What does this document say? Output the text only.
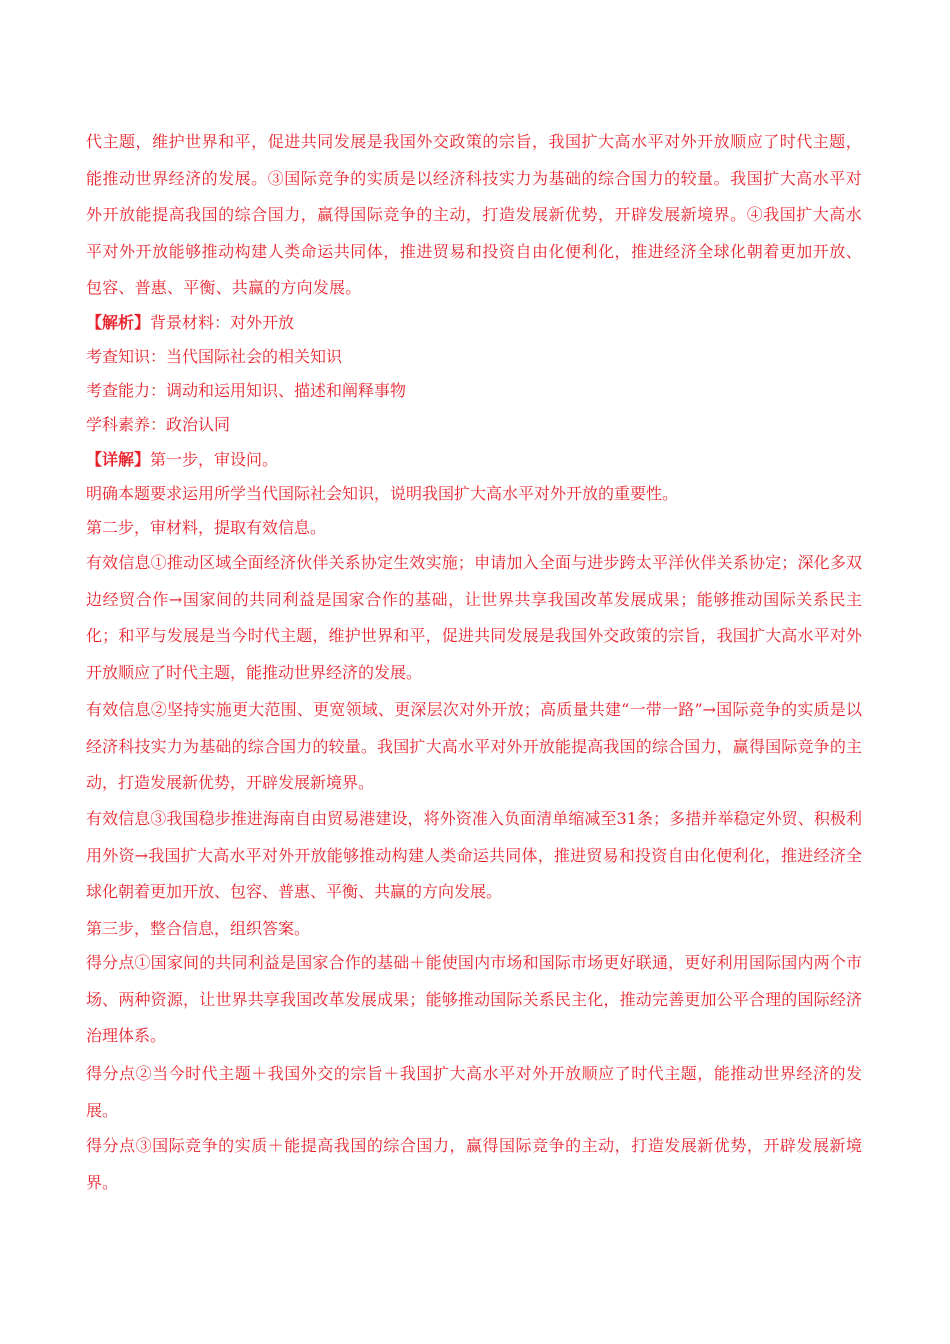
代主题，维护世界和平，促进共同发展是我国外交政策的宗旨，我国扩大高水平对外开放顺应了时代主题，能推动世界经济的发展。③国际竞争的实质是以经济科技实力为基础的综合国力的较量。我国扩大高水平对外开放能提高我国的综合国力，赢得国际竞争的主动，打造发展新优势，开辟发展新境界。④我国扩大高水平对外开放能够推动构建人类命运共同体，推进贸易和投资自由化便利化，推进经济全球化朝着更加开放、包容、普惠、平衡、共赢的方向发展。

【解析】背景材料：对外开放
考查知识：当代国际社会的相关知识
考查能力：调动和运用知识、描述和阐释事物
学科素养：政治认同
【详解】第一步，审设问。
明确本题要求运用所学当代国际社会知识，说明我国扩大高水平对外开放的重要性。
第二步，审材料，提取有效信息。
有效信息①推动区域全面经济伙伴关系协定生效实施；申请加入全面与进步跨太平洋伙伴关系协定；深化多双边经贸合作→国家间的共同利益是国家合作的基础，让世界共享我国改革发展成果；能够推动国际关系民主化；和平与发展是当今时代主题，维护世界和平，促进共同发展是我国外交政策的宗旨，我国扩大高水平对外开放顺应了时代主题，能推动世界经济的发展。
有效信息②坚持实施更大范围、更宽领域、更深层次对外开放；高质量共建“一带一路”→国际竞争的实质是以经济科技实力为基础的综合国力的较量。我国扩大高水平对外开放能提高我国的综合国力，赢得国际竞争的主动，打造发展新优势，开辟发展新境界。
有效信息③我国稳步推进海南自由贸易港建设，将外资准入负面清单缩减至31条；多措并举稳定外贸、积极利用外资→我国扩大高水平对外开放能够推动构建人类命运共同体，推进贸易和投资自由化便利化，推进经济全球化朝着更加开放、包容、普惠、平衡、共赢的方向发展。
第三步，整合信息，组织答案。
得分点①国家间的共同利益是国家合作的基础＋能使国内市场和国际市场更好联通，更好利用国际国内两个市场、两种资源，让世界共享我国改革发展成果；能够推动国际关系民主化，推动完善更加公平合理的国际经济治理体系。
得分点②当今时代主题＋我国外交的宗旨＋我国扩大高水平对外开放顺应了时代主题，能推动世界经济的发展。
得分点③国际竞争的实质＋能提高我国的综合国力，赢得国际竞争的主动，打造发展新优势，开辟发展新境界。
